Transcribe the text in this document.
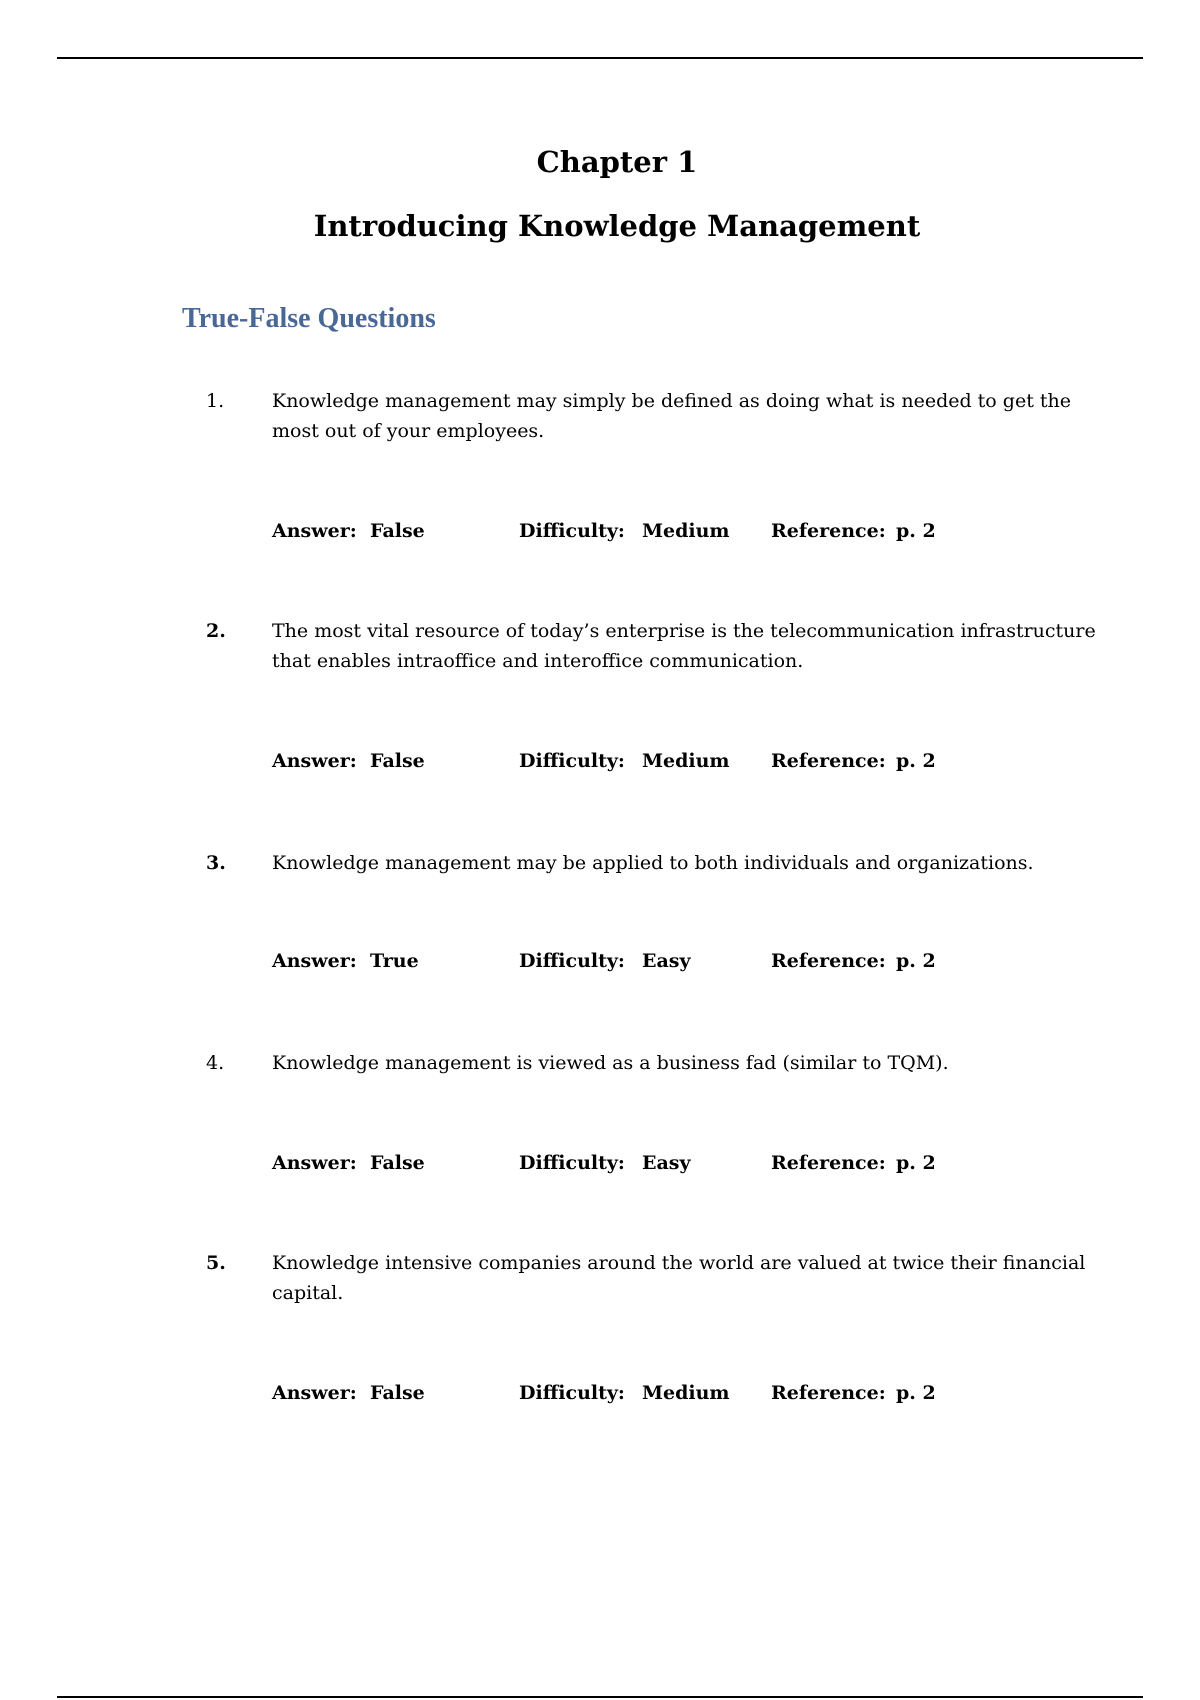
Chapter 1
Introducing Knowledge Management
True-False Questions
1.	Knowledge management may simply be defined as doing what is needed to get the most out of your employees.
Answer: False	Difficulty: Medium Reference: p. 2
2. The most vital resource of today’s enterprise is the telecommunication infrastructure that enables intraoffice and interoffice communication.
Answer: False	Difficulty: Medium Reference: p. 2
3. Knowledge management may be applied to both individuals and organizations.
Answer: True	Difficulty: Easy	Reference: p. 2
4.	Knowledge management is viewed as a business fad (similar to TQM).
Answer: False	Difficulty: Easy	Reference: p. 2
5. Knowledge intensive companies around the world are valued at twice their financial capital.
Answer: False	Difficulty: Medium Reference: p. 2
